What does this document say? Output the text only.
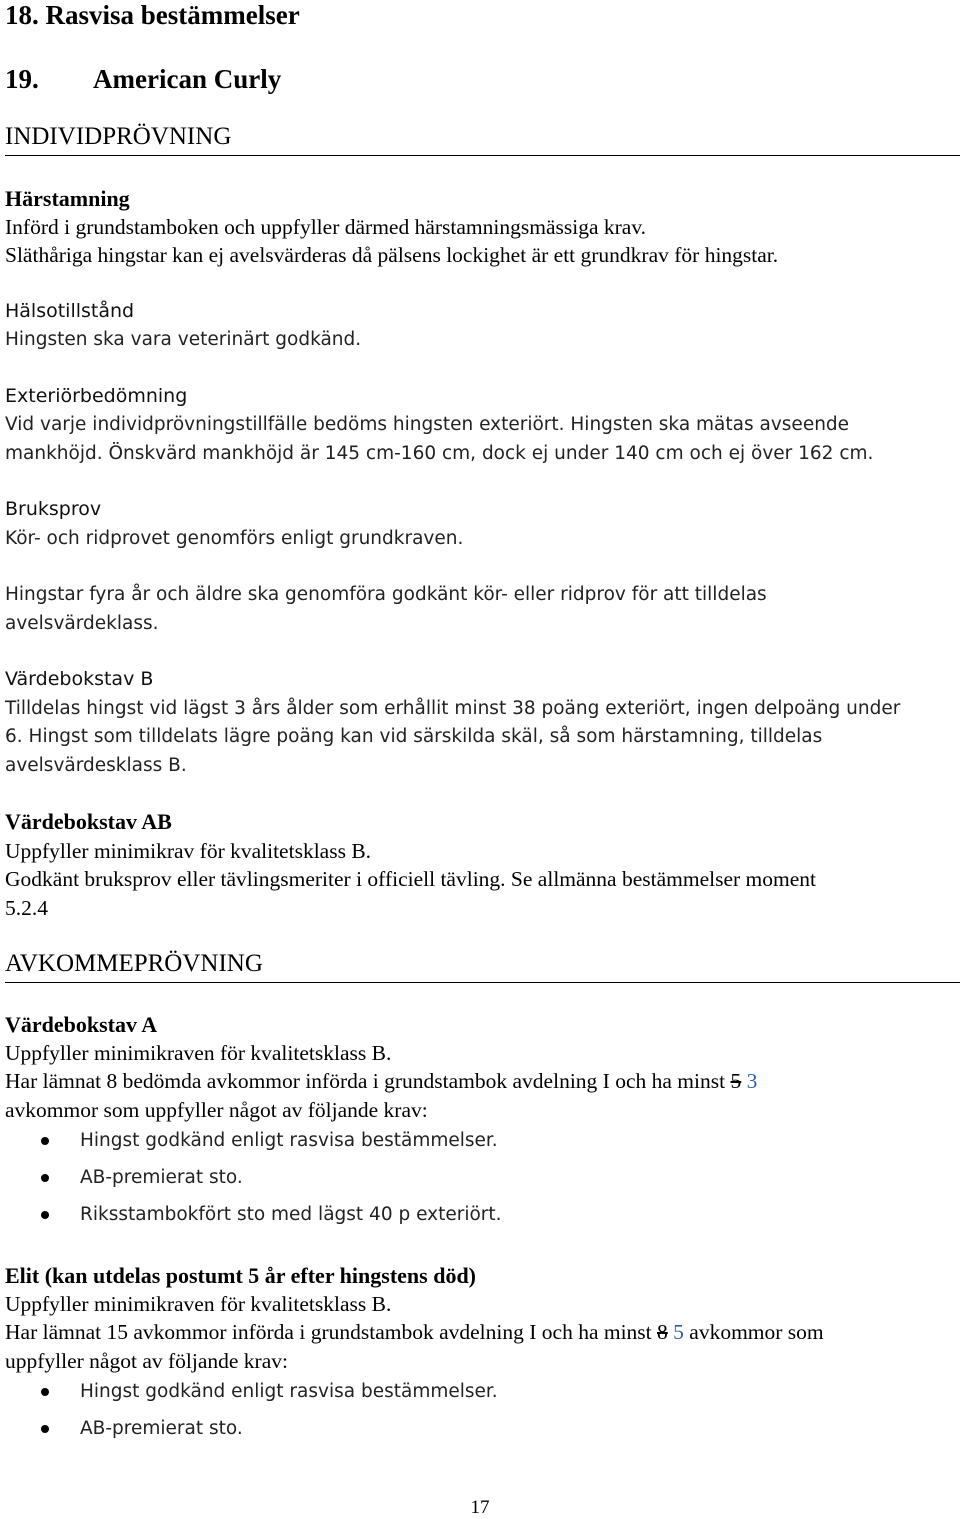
18. Rasvisa bestämmelser
19. American Curly
INDIVIDPRÖVNING
Härstamning
Införd i grundstamboken och uppfyller därmed härstamningsmässiga krav.
Släthåriga hingstar kan ej avelsvärderas då pälsens lockighet är ett grundkrav för hingstar.
Hälsotillstånd
Hingsten ska vara veterinärt godkänd.
Exteriörbedömning
Vid varje individprövningstillfälle bedöms hingsten exteriört. Hingsten ska mätas avseende
mankhöjd. Önskvärd mankhöjd är 145 cm-160 cm, dock ej under 140 cm och ej över 162 cm.
Bruksprov
Kör- och ridprovet genomförs enligt grundkraven.
Hingstar fyra år och äldre ska genomföra godkänt kör- eller ridprov för att tilldelas
avelsvärdeklass.
Värdebokstav B
Tilldelas hingst vid lägst 3 års ålder som erhållit minst 38 poäng exteriört, ingen delpoäng under
6. Hingst som tilldelats lägre poäng kan vid särskilda skäl, så som härstamning, tilldelas
avelsvärdesklass B.
Värdebokstav AB
Uppfyller minimikrav för kvalitetsklass B.
Godkänt bruksprov eller tävlingsmeriter i officiell tävling. Se allmänna bestämmelser moment
5.2.4
AVKOMMEPRÖVNING
Värdebokstav A
Uppfyller minimikraven för kvalitetsklass B.
Har lämnat 8 bedömda avkommor införda i grundstambok avdelning I och ha minst 5 3
avkommor som uppfyller något av följande krav:
Hingst godkänd enligt rasvisa bestämmelser.
AB-premierat sto.
Riksstambokfört sto med lägst 40 p exteriört.
Elit (kan utdelas postumt 5 år efter hingstens död)
Uppfyller minimikraven för kvalitetsklass B.
Har lämnat 15 avkommor införda i grundstambok avdelning I och ha minst 8 5 avkommor som
uppfyller något av följande krav:
Hingst godkänd enligt rasvisa bestämmelser.
AB-premierat sto.
17
